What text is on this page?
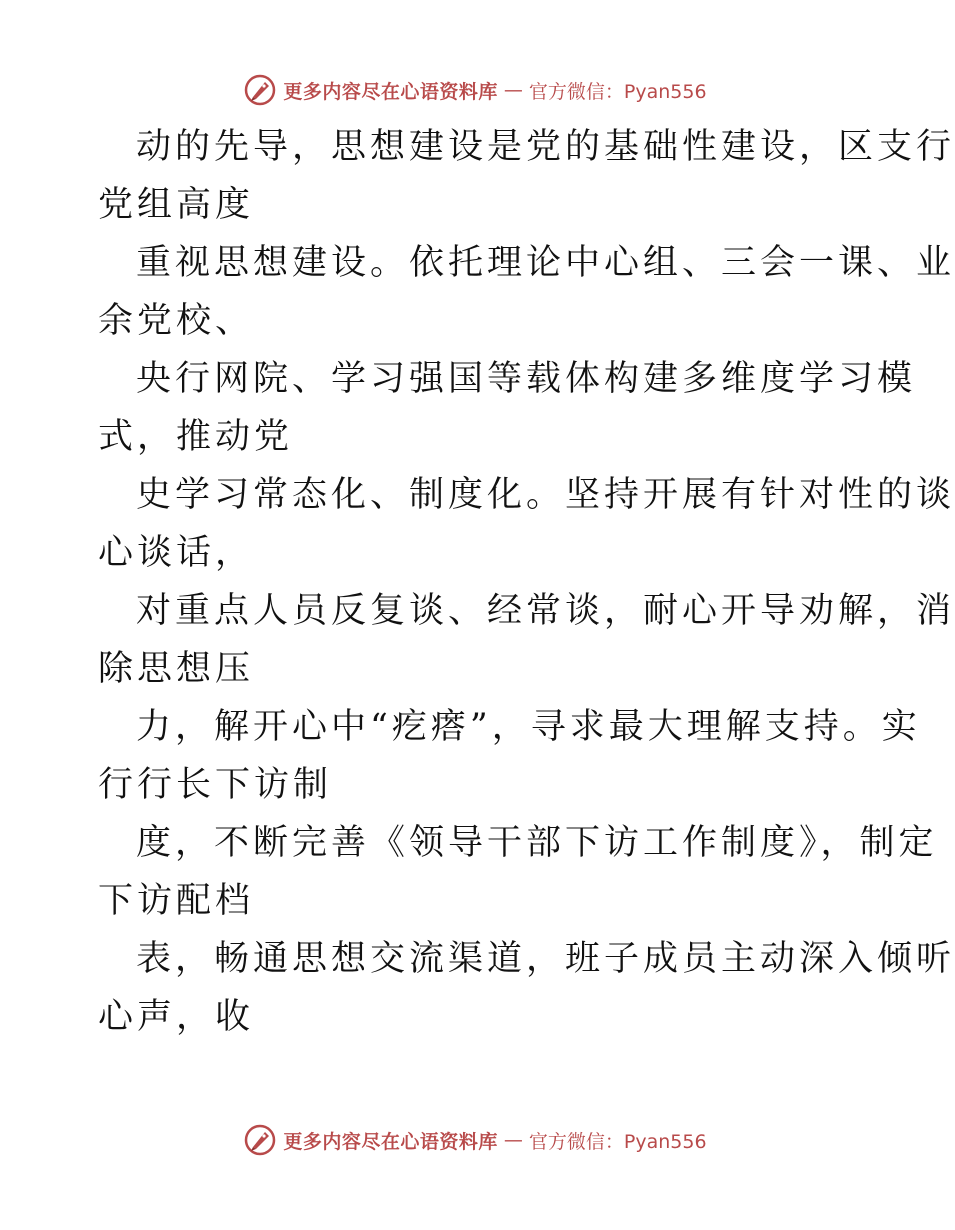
更多内容尽在心语资料库 — 官方微信：Pyan556
动的先导，思想建设是党的基础性建设，区支行
党组高度
重视思想建设。依托理论中心组、三会一课、业
余党校、
央行网院、学习强国等载体构建多维度学习模
式，推动党
史学习常态化、制度化。坚持开展有针对性的谈
心谈话，
对重点人员反复谈、经常谈，耐心开导劝解，消
除思想压
力，解开心中“疙瘩”，寻求最大理解支持。实
行行长下访制
度，不断完善《领导干部下访工作制度》，制定
下访配档
表，畅通思想交流渠道，班子成员主动深入倾听
心声，收
更多内容尽在心语资料库 — 官方微信：Pyan556
